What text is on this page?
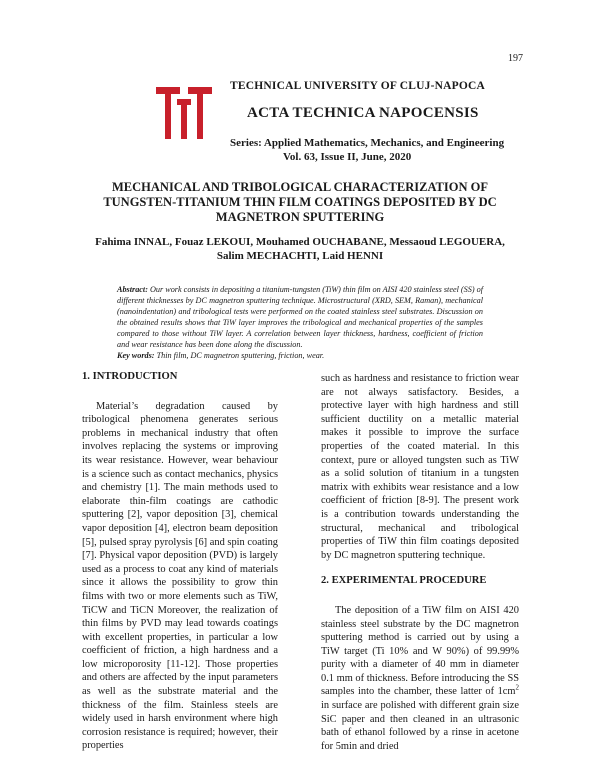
197
TECHNICAL UNIVERSITY OF CLUJ-NAPOCA
ACTA TECHNICA NAPOCENSIS
Series: Applied Mathematics, Mechanics, and Engineering
Vol. 63, Issue II, June, 2020
MECHANICAL AND TRIBOLOGICAL CHARACTERIZATION OF TUNGSTEN-TITANIUM THIN FILM COATINGS DEPOSITED BY DC MAGNETRON SPUTTERING
Fahima INNAL, Fouaz LEKOUI, Mouhamed OUCHABANE, Messaoud LEGOUERA,
Salim MECHACHTI, Laid HENNI
Abstract: Our work consists in depositing a titanium-tungsten (TiW) thin film on AISI 420 stainless steel (SS) of different thicknesses by DC magnetron sputtering technique. Microstructural (XRD, SEM, Raman), mechanical (nanoindentation) and tribological tests were performed on the coated stainless steel substrates. Discussion on the obtained results shows that TiW layer improves the tribological and mechanical properties of the samples compared to those without TiW layer. A correlation between layer thickness, hardness, coefficient of friction and wear resistance has been done along the discussion.
Key words: Thin film, DC magnetron sputtering, friction, wear.
1. INTRODUCTION

Material’s degradation caused by tribological phenomena generates serious problems in mechanical industry that often involves replacing the systems or improving its wear resistance. However, wear behaviour is a science such as contact mechanics, physics and chemistry [1]. The main methods used to elaborate thin-film coatings are cathodic sputtering [2], vapor deposition [3], chemical vapor deposition [4], electron beam deposition [5], pulsed spray pyrolysis [6] and spin coating [7]. Physical vapor deposition (PVD) is largely used as a process to coat any kind of materials since it allows the possibility to grow thin films with two or more elements such as TiW, TiCW and TiCN Moreover, the realization of thin films by PVD may lead towards coatings with excellent properties, in particular a low coefficient of friction, a high hardness and a low microporosity [11-12]. Those properties and others are affected by the input parameters as well as the substrate material and the thickness of the film. Stainless steels are widely used in harsh environment where high corrosion resistance is required; however, their properties

such as hardness and resistance to friction wear are not always satisfactory. Besides, a protective layer with high hardness and still sufficient ductility on a metallic material makes it possible to improve the surface properties of the coated material. In this context, pure or alloyed tungsten such as TiW as a solid solution of titanium in a tungsten matrix with exhibits wear resistance and a low coefficient of friction [8-9]. The present work is a contribution towards understanding the structural, mechanical and tribological properties of TiW thin film coatings deposited by DC magnetron sputtering technique.

2. EXPERIMENTAL PROCEDURE

The deposition of a TiW film on AISI 420 stainless steel substrate by the DC magnetron sputtering method is carried out by using a TiW target (Ti 10% and W 90%) of 99.99% purity with a diameter of 40 mm in diameter 0.1 mm of thickness. Before introducing the SS samples into the chamber, these latter of $1cm^2$ in surface are polished with different grain size SiC paper and then cleaned in an ultrasonic bath of ethanol followed by a rinse in acetone for 5min and dried
